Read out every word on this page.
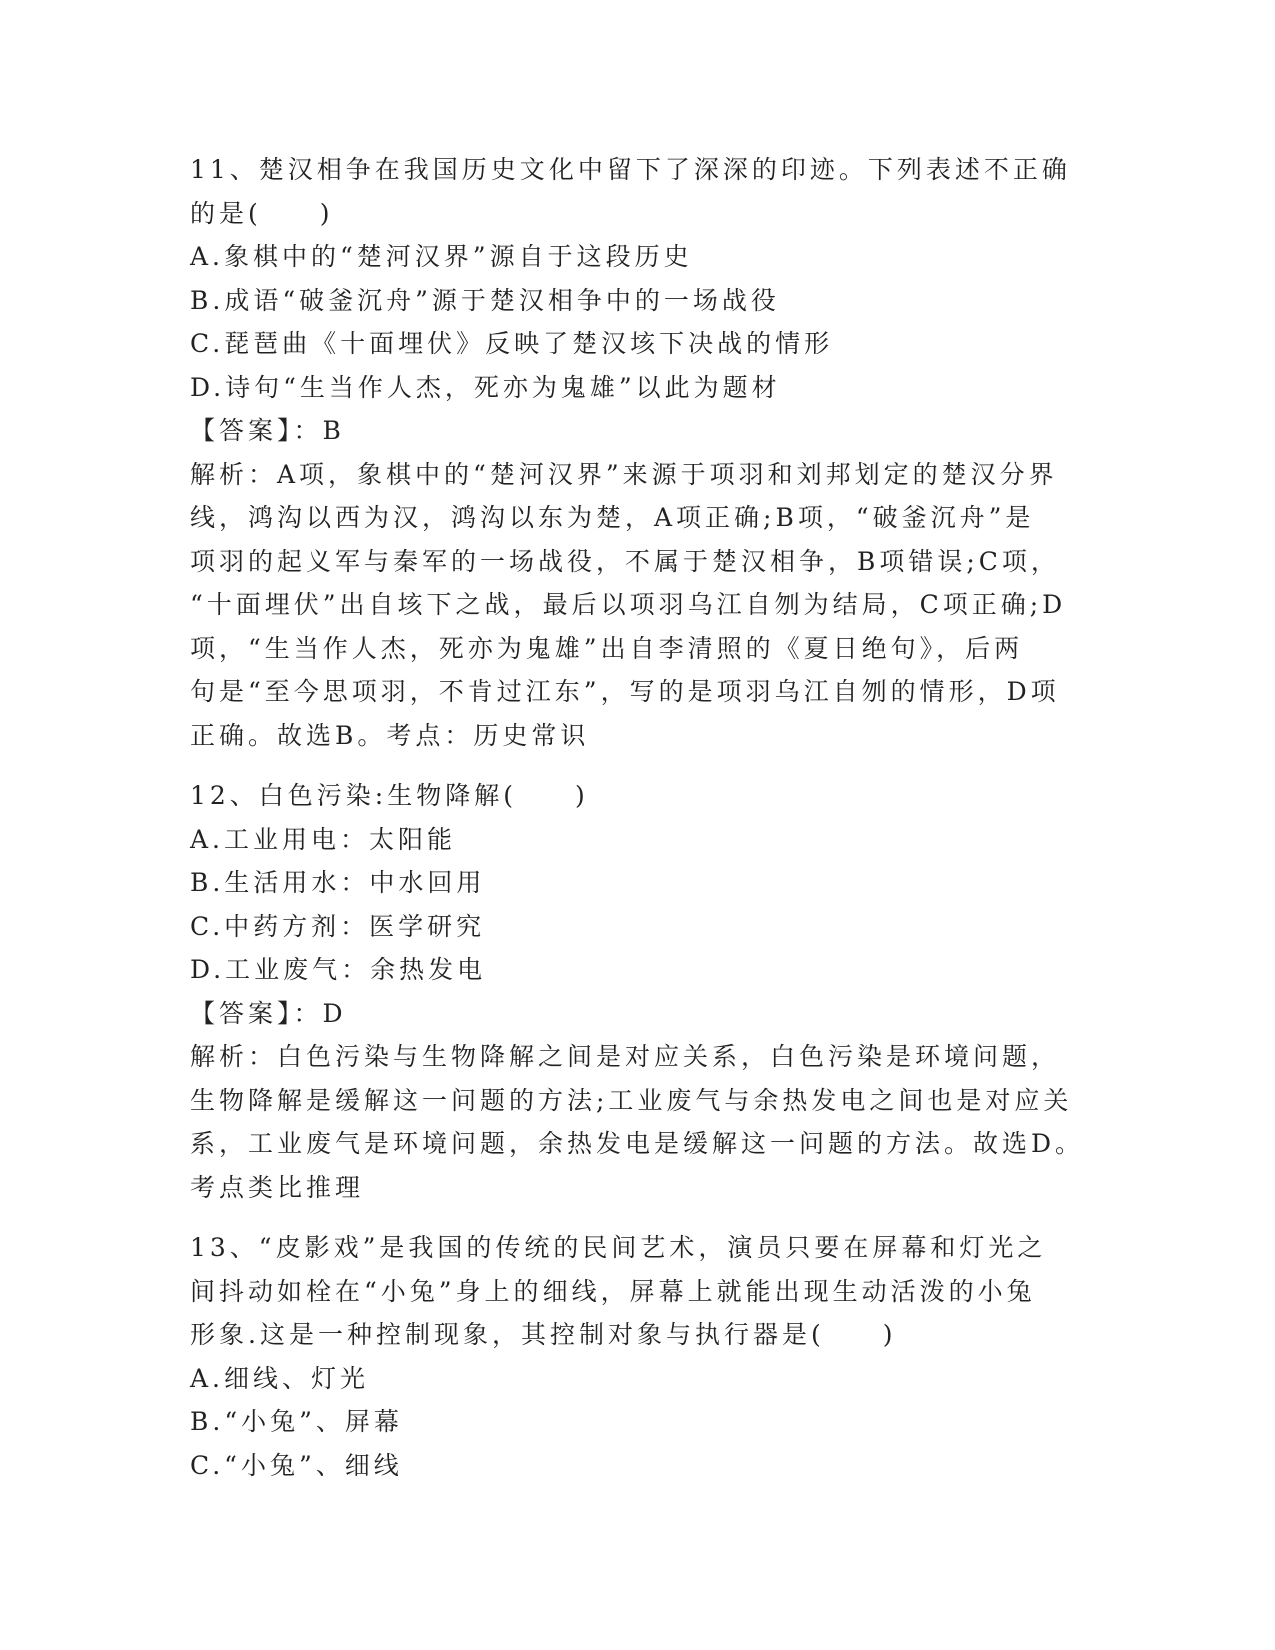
11、楚汉相争在我国历史文化中留下了深深的印迹。下列表述不正确
的是(　　)
A.象棋中的“楚河汉界”源自于这段历史
B.成语“破釜沉舟”源于楚汉相争中的一场战役
C.琵琶曲《十面埋伏》反映了楚汉垓下决战的情形
D.诗句“生当作人杰，死亦为鬼雄”以此为题材
【答案】：B
解析：A项，象棋中的“楚河汉界”来源于项羽和刘邦划定的楚汉分界
线，鸿沟以西为汉，鸿沟以东为楚，A项正确;B项，“破釜沉舟”是
项羽的起义军与秦军的一场战役，不属于楚汉相争，B项错误;C项，
“十面埋伏”出自垓下之战，最后以项羽乌江自刎为结局，C项正确;D
项，“生当作人杰，死亦为鬼雄”出自李清照的《夏日绝句》，后两
句是“至今思项羽，不肯过江东”，写的是项羽乌江自刎的情形，D项
正确。故选B。考点：历史常识
12、白色污染:生物降解(　　)
A.工业用电：太阳能
B.生活用水：中水回用
C.中药方剂：医学研究
D.工业废气：余热发电
【答案】：D
解析：白色污染与生物降解之间是对应关系，白色污染是环境问题，
生物降解是缓解这一问题的方法;工业废气与余热发电之间也是对应关
系，工业废气是环境问题，余热发电是缓解这一问题的方法。故选D。
考点类比推理
13、“皮影戏”是我国的传统的民间艺术，演员只要在屏幕和灯光之
间抖动如栓在“小兔”身上的细线，屏幕上就能出现生动活泼的小兔
形象.这是一种控制现象，其控制对象与执行器是(　　)
A.细线、灯光
B.“小兔”、屏幕
C.“小兔”、细线
